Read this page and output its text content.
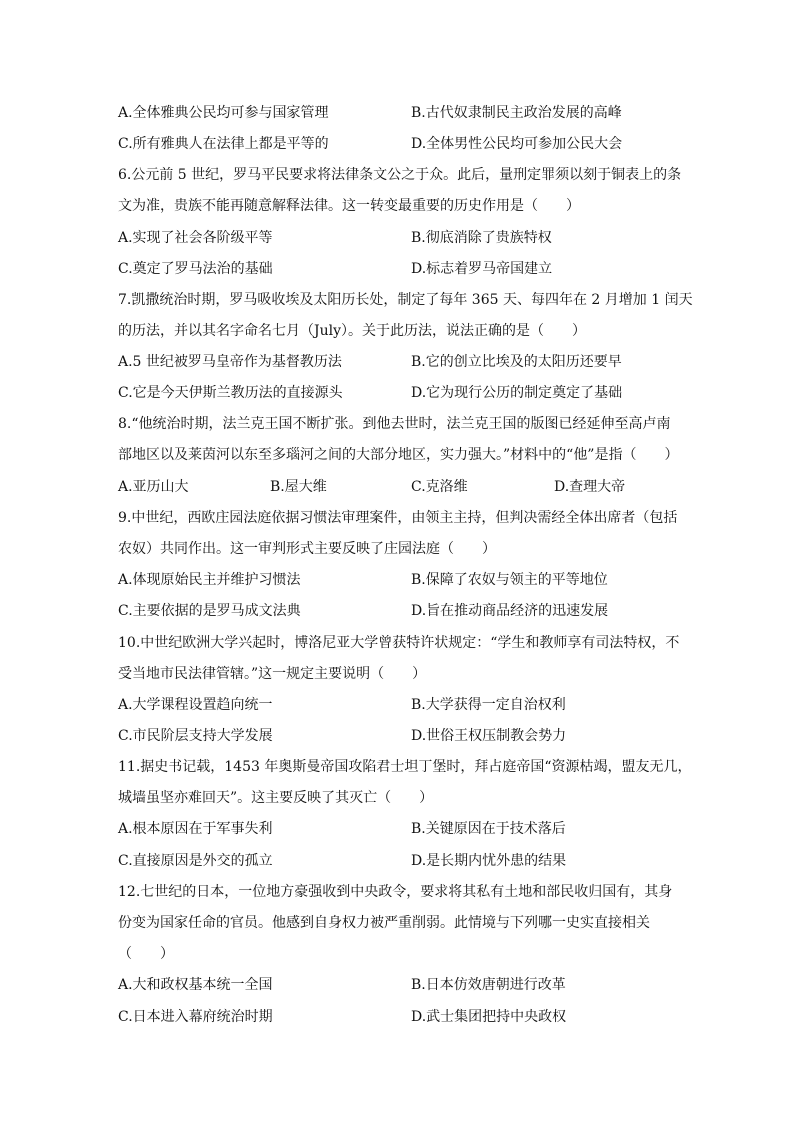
A.全体雅典公民均可参与国家管理	B.古代奴隶制民主政治发展的高峰
C.所有雅典人在法律上都是平等的	D.全体男性公民均可参加公民大会
6.公元前 5 世纪，罗马平民要求将法律条文公之于众。此后，量刑定罪须以刻于铜表上的条
文为准，贵族不能再随意解释法律。这一转变最重要的历史作用是（　　）
A.实现了社会各阶级平等	B.彻底消除了贵族特权
C.奠定了罗马法治的基础	D.标志着罗马帝国建立
7.凯撒统治时期，罗马吸收埃及太阳历长处，制定了每年 365 天、每四年在 2 月增加 1 闰天
的历法，并以其名字命名七月（July）。关于此历法，说法正确的是（　　）
A.5 世纪被罗马皇帝作为基督教历法	B.它的创立比埃及的太阳历还要早
C.它是今天伊斯兰教历法的直接源头	D.它为现行公历的制定奠定了基础
8.“他统治时期，法兰克王国不断扩张。到他去世时，法兰克王国的版图已经延伸至高卢南
部地区以及莱茵河以东至多瑙河之间的大部分地区，实力强大。”材料中的“他”是指（　　）
A.亚历山大	B.屋大维	C.克洛维	D.查理大帝
9.中世纪，西欧庄园法庭依据习惯法审理案件，由领主主持，但判决需经全体出席者（包括
农奴）共同作出。这一审判形式主要反映了庄园法庭（　　）
A.体现原始民主并维护习惯法	B.保障了农奴与领主的平等地位
C.主要依据的是罗马成文法典	D.旨在推动商品经济的迅速发展
10.中世纪欧洲大学兴起时，博洛尼亚大学曾获特许状规定：“学生和教师享有司法特权，不
受当地市民法律管辖。”这一规定主要说明（　　）
A.大学课程设置趋向统一	B.大学获得一定自治权利
C.市民阶层支持大学发展	D.世俗王权压制教会势力
11.据史书记载，1453 年奥斯曼帝国攻陷君士坦丁堡时，拜占庭帝国“资源枯竭，盟友无几，
城墙虽坚亦难回天”。这主要反映了其灭亡（　　）
A.根本原因在于军事失利	B.关键原因在于技术落后
C.直接原因是外交的孤立	D.是长期内忧外患的结果
12.七世纪的日本，一位地方豪强收到中央政令，要求将其私有土地和部民收归国有，其身
份变为国家任命的官员。他感到自身权力被严重削弱。此情境与下列哪一史实直接相关
（　　）
A.大和政权基本统一全国	B.日本仿效唐朝进行改革
C.日本进入幕府统治时期	D.武士集团把持中央政权
